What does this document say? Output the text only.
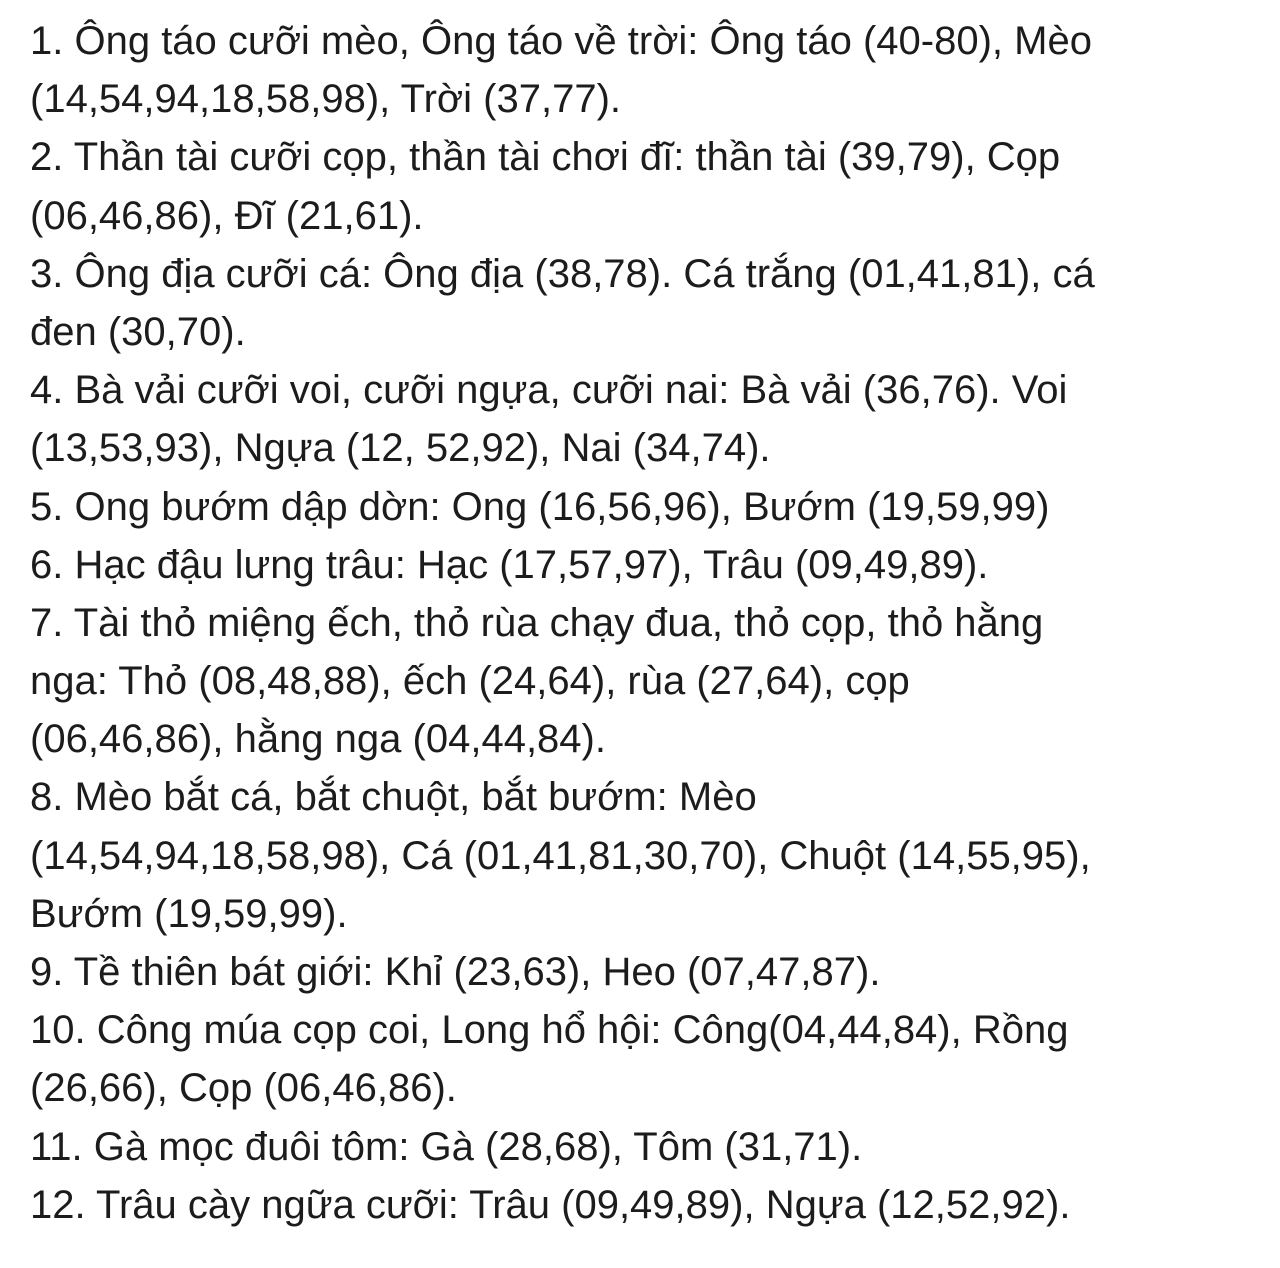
1. Ông táo cưỡi mèo, Ông táo về trời: Ông táo (40-80), Mèo
(14,54,94,18,58,98), Trời (37,77).
2. Thần tài cưỡi cọp, thần tài chơi đĩ: thần tài (39,79), Cọp
(06,46,86), Đĩ (21,61).
3. Ông địa cưỡi cá: Ông địa (38,78). Cá trắng (01,41,81), cá
đen (30,70).
4. Bà vải cưỡi voi, cưỡi ngựa, cưỡi nai: Bà vải (36,76). Voi
(13,53,93), Ngựa (12, 52,92), Nai (34,74).
5. Ong bướm dập dờn: Ong (16,56,96), Bướm (19,59,99)
6. Hạc đậu lưng trâu: Hạc (17,57,97), Trâu (09,49,89).
7. Tài thỏ miệng ếch, thỏ rùa chạy đua, thỏ cọp, thỏ hằng
nga: Thỏ (08,48,88), ếch (24,64), rùa (27,64), cọp
(06,46,86), hằng nga (04,44,84).
8. Mèo bắt cá, bắt chuột, bắt bướm: Mèo
(14,54,94,18,58,98), Cá (01,41,81,30,70), Chuột (14,55,95),
Bướm (19,59,99).
9. Tề thiên bát giới: Khỉ (23,63), Heo (07,47,87).
10. Công múa cọp coi, Long hổ hội: Công(04,44,84), Rồng
(26,66), Cọp (06,46,86).
11. Gà mọc đuôi tôm: Gà (28,68), Tôm (31,71).
12. Trâu cày ngữa cưỡi: Trâu (09,49,89), Ngựa (12,52,92).
